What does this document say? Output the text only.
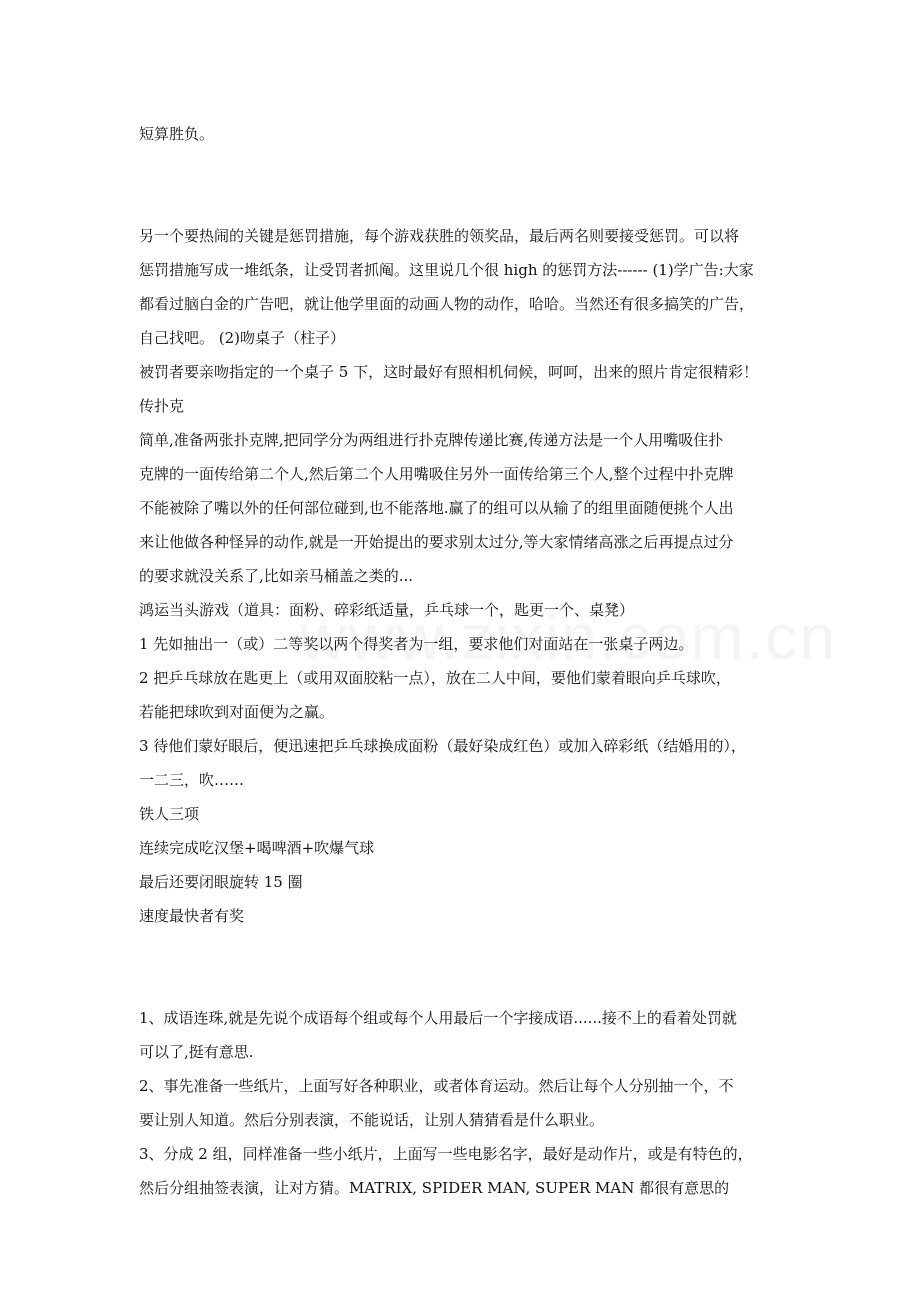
短算胜负。
另一个要热闹的关键是惩罚措施，每个游戏获胜的领奖品，最后两名则要接受惩罚。可以将
惩罚措施写成一堆纸条，让受罚者抓阄。这里说几个很 high 的惩罚方法------ (1)学广告:大家
都看过脑白金的广告吧，就让他学里面的动画人物的动作，哈哈。当然还有很多搞笑的广告，
自己找吧。 (2)吻桌子（柱子）
被罚者要亲吻指定的一个桌子 5 下，这时最好有照相机伺候，呵呵，出来的照片肯定很精彩！
传扑克
简单,准备两张扑克牌,把同学分为两组进行扑克牌传递比赛,传递方法是一个人用嘴吸住扑
克牌的一面传给第二个人,然后第二个人用嘴吸住另外一面传给第三个人,整个过程中扑克牌
不能被除了嘴以外的任何部位碰到,也不能落地.赢了的组可以从输了的组里面随便挑个人出
来让他做各种怪异的动作,就是一开始提出的要求别太过分,等大家情绪高涨之后再提点过分
的要求就没关系了,比如亲马桶盖之类的...
鸿运当头游戏（道具：面粉、碎彩纸适量，乒乓球一个，匙更一个、桌凳）
1 先如抽出一（或）二等奖以两个得奖者为一组，要求他们对面站在一张桌子两边。
2 把乒乓球放在匙更上（或用双面胶粘一点），放在二人中间，要他们蒙着眼向乒乓球吹，
若能把球吹到对面便为之赢。
3 待他们蒙好眼后，便迅速把乒乓球换成面粉（最好染成红色）或加入碎彩纸（结婚用的），
一二三，吹……
铁人三项
连续完成吃汉堡+喝啤酒+吹爆气球
最后还要闭眼旋转 15 圈
速度最快者有奖
1、成语连珠,就是先说个成语每个组或每个人用最后一个字接成语......接不上的看着处罚就
可以了,挺有意思.
2、事先准备一些纸片，上面写好各种职业，或者体育运动。然后让每个人分别抽一个，不
要让别人知道。然后分别表演，不能说话，让别人猜猜看是什么职业。
3、分成 2 组，同样准备一些小纸片，上面写一些电影名字，最好是动作片，或是有特色的，
然后分组抽签表演，让对方猜。MATRIX, SPIDER MAN, SUPER MAN 都很有意思的
